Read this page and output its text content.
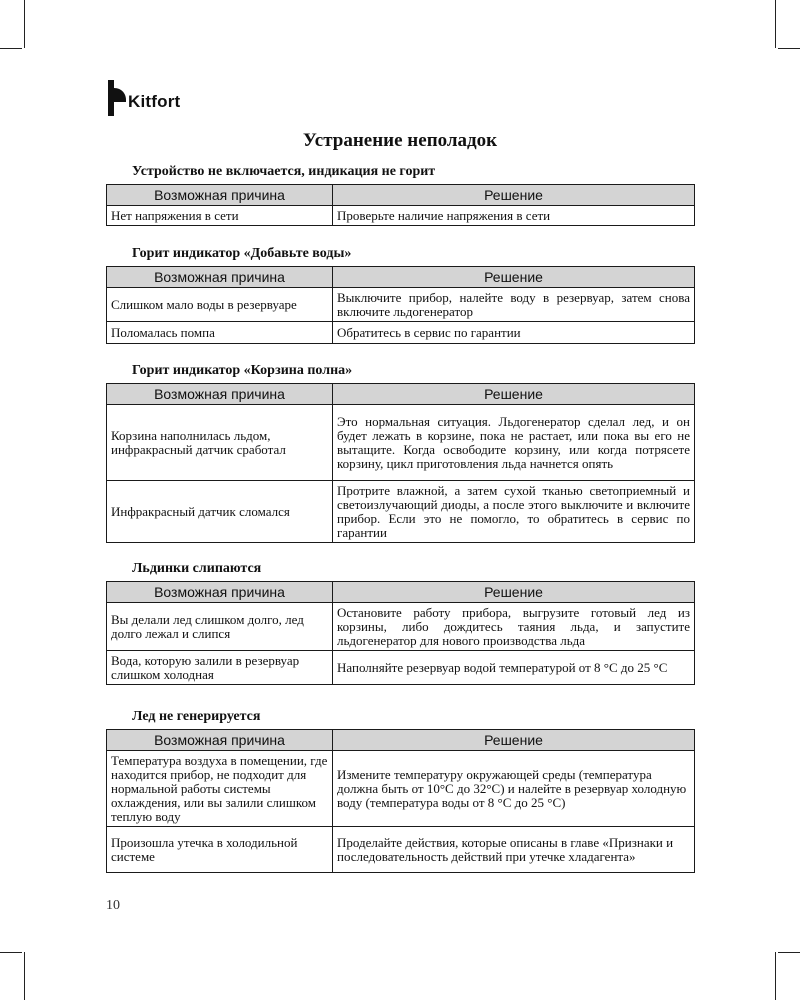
Kitfort
Устранение неполадок
Устройство не включается, индикация не горит
Возможная причина	Решение
Нет напряжения в сети	Проверьте наличие напряжения в сети
Горит индикатор «Добавьте воды»
Возможная причина	Решение
Слишком мало воды в резервуаре	Выключите прибор, налейте воду в резервуар, затем снова включите льдогенератор
Поломалась помпа	Обратитесь в сервис по гарантии
Горит индикатор «Корзина полна»
Возможная причина	Решение
Корзина наполнилась льдом, инфракрасный датчик сработал	Это нормальная ситуация. Льдогенератор сделал лед, и он будет лежать в корзине, пока не растает, или пока вы его не вытащите. Когда освободите корзину, или когда потрясете корзину, цикл приготовления льда начнется опять
Инфракрасный датчик сломался	Протрите влажной, а затем сухой тканью светоприемный и светоизлучающий диоды, а после этого выключите и включите прибор. Если это не помогло, то обратитесь в сервис по гарантии
Льдинки слипаются
Возможная причина	Решение
Вы делали лед слишком долго, лед долго лежал и слипся	Остановите работу прибора, выгрузите готовый лед из корзины, либо дождитесь таяния льда, и запустите льдогенератор для нового производства льда
Вода, которую залили в резервуар слишком холодная	Наполняйте резервуар водой температурой от 8 °C до 25 °C
Лед не генерируется
Возможная причина	Решение
Температура воздуха в помещении, где находится прибор, не подходит для нормальной работы системы охлаждения, или вы залили слишком теплую воду	Измените температуру окружающей среды (температура должна быть от 10°C до 32°C) и налейте в резервуар холодную воду (температура воды от 8 °C до 25 °C)
Произошла утечка в холодильной системе	Проделайте действия, которые описаны в главе «Признаки и последовательность действий при утечке хладагента»
10
